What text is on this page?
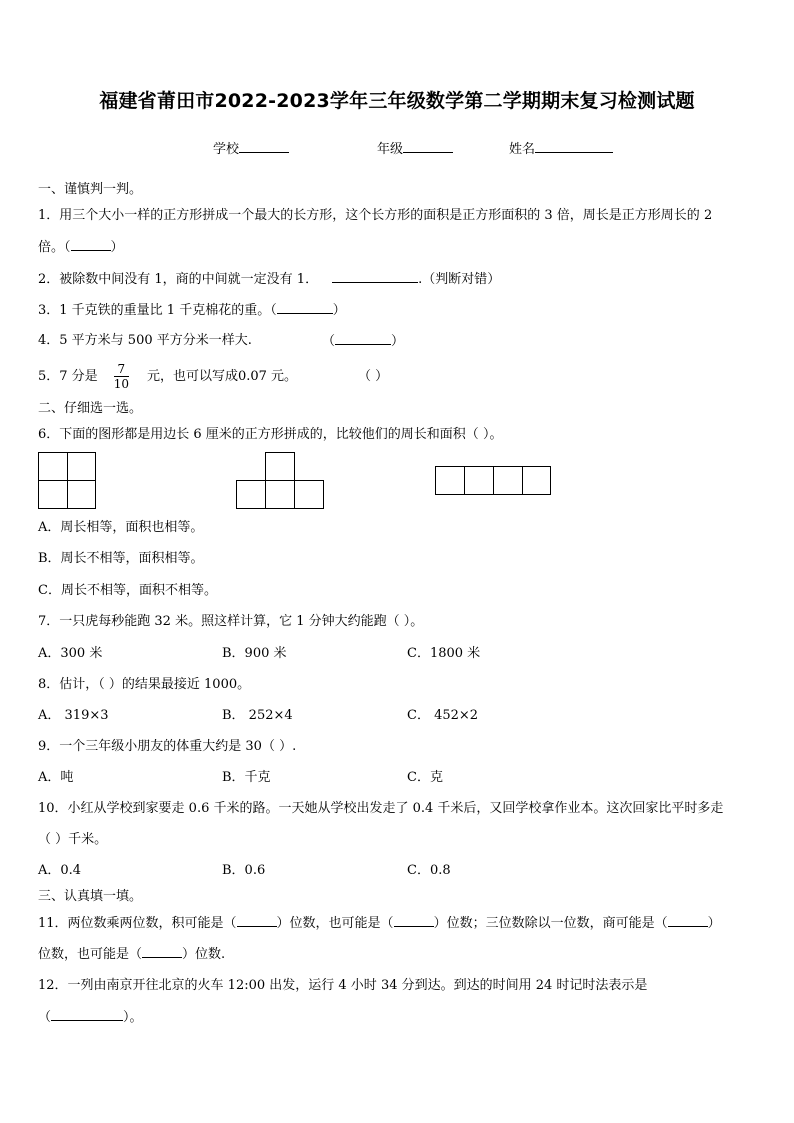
福建省莆田市2022-2023学年三年级数学第二学期期末复习检测试题
学校	年级	姓名
一、谨慎判一判。
1．用三个大小一样的正方形拼成一个最大的长方形，这个长方形的面积是正方形面积的 3 倍，周长是正方形周长的 2
倍。（	）
2．被除数中间没有 1，商的中间就一定没有 1．	.（判断对错）
3．1 千克铁的重量比 1 千克棉花的重。（	）
4．5 平方米与 500 平方分米一样大.	（	）
5．7 分是 $\frac{7}{10}$ 元，也可以写成0.07 元。	（ ）
二、仔细选一选。
6．下面的图形都是用边长 6 厘米的正方形拼成的，比较他们的周长和面积（ ）。
A．周长相等，面积也相等。
B．周长不相等，面积相等。
C．周长不相等，面积不相等。
7．一只虎每秒能跑 32 米。照这样计算，它 1 分钟大约能跑（ ）。
A．300 米	B．900 米	C．1800 米
8．估计，（ ）的结果最接近 1000。
A． 319×3	B． 252×4	C． 452×2
9．一个三年级小朋友的体重大约是 30（ ）.
A．吨	B．千克	C．克
10．小红从学校到家要走 0.6 千米的路。一天她从学校出发走了 0.4 千米后，又回学校拿作业本。这次回家比平时多走
（ ）千米。
A．0.4	B．0.6	C．0.8
三、认真填一填。
11．两位数乘两位数，积可能是（	）位数，也可能是（	）位数；三位数除以一位数，商可能是（	）
位数，也可能是（	）位数.
12．一列由南京开往北京的火车 12:00 出发，运行 4 小时 34 分到达。到达的时间用 24 时记时法表示是
（	）。
